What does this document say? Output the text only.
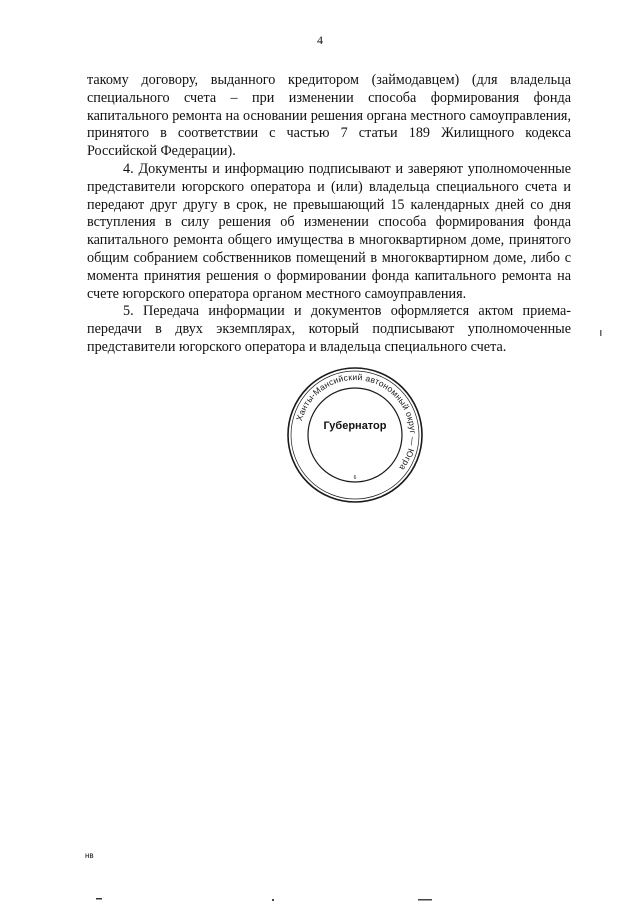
4

такому договору, выданного кредитором (займодавцем) (для владельца специального счета – при изменении способа формирования фонда капитального ремонта на основании решения органа местного самоуправления, принятого в соответствии с частью 7 статьи 189 Жилищного кодекса Российской Федерации).

4. Документы и информацию подписывают и заверяют уполномоченные представители югорского оператора и (или) владельца специального счета и передают друг другу в срок, не превышающий 15 календарных дней со дня вступления в силу решения об изменении способа формирования фонда капитального ремонта общего имущества в многоквартирном доме, принятого общим собранием собственников помещений в многоквартирном доме, либо с момента принятия решения о формировании фонда капитального ремонта на счете югорского оператора органом местного самоуправления.

5. Передача информации и документов оформляется актом приема-передачи в двух экземплярах, который подписывают уполномоченные представители югорского оператора и владельца специального счета.

Ханты-Мансийский автономный округ — Югра
6
Губернатор
нв
